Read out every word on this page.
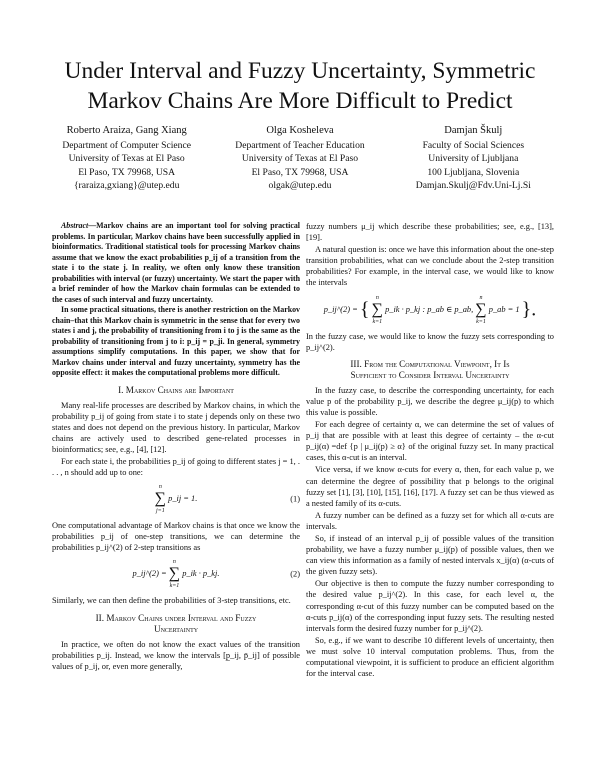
Under Interval and Fuzzy Uncertainty, Symmetric
Markov Chains Are More Difficult to Predict
Roberto Araiza, Gang Xiang
Department of Computer Science
University of Texas at El Paso
El Paso, TX 79968, USA
{raraiza,gxiang}@utep.edu
Olga Kosheleva
Department of Teacher Education
University of Texas at El Paso
El Paso, TX 79968, USA
olgak@utep.edu
Damjan Škulj
Faculty of Social Sciences
University of Ljubljana
100 Ljubljana, Slovenia
Damjan.Skulj@Fdv.Uni-Lj.Si

Abstract—Markov chains are an important tool for solving practical problems. In particular, Markov chains have been successfully applied in bioinformatics. Traditional statistical tools for processing Markov chains assume that we know the exact probabilities p_ij of a transition from the state i to the state j. In reality, we often only know these transition probabilities with interval (or fuzzy) uncertainty. We start the paper with a brief reminder of how the Markov chain formulas can be extended to the cases of such interval and fuzzy uncertainty.

In some practical situations, there is another restriction on the Markov chain–that this Markov chain is symmetric in the sense that for every two states i and j, the probability of transitioning from i to j is the same as the probability of transitioning from j to i: p_ij = p_ji. In general, symmetry assumptions simplify computations. In this paper, we show that for Markov chains under interval and fuzzy uncertainty, symmetry has the opposite effect: it makes the computational problems more difficult.

I. Markov Chains are Important

Many real-life processes are described by Markov chains, in which the probability p_ij of going from state i to state j depends only on these two states and does not depend on the previous history. In particular, Markov chains are actively used to described gene-related processes in bioinformatics; see, e.g., [4], [12].

For each state i, the probabilities p_ij of going to different states j = 1, . . . , n should add up to one:

n
∑
j=1
p_ij = 1.	(1)

One computational advantage of Markov chains is that once we know the probabilities p_ij of one-step transitions, we can determine the probabilities p_ij^(2) of 2-step transitions as

p_ij^(2) =
n
∑
k=1
p_ik · p_kj.	(2)

Similarly, we can then define the probabilities of 3-step transitions, etc.

II. Markov Chains under Interval and Fuzzy
Uncertainty

In practice, we often do not know the exact values of the transition probabilities p_ij. Instead, we know the intervals [p̲_ij, p̄_ij] of possible values of p_ij, or, even more generally,

fuzzy numbers μ_ij which describe these probabilities; see, e.g., [13], [19].

A natural question is: once we have this information about the one-step transition probabilities, what can we conclude about the 2-step transition probabilities? For example, in the interval case, we would like to know the intervals

p_ij^(2) = {
n
∑
k=1
p_ik · p_kj : p_ab ∈ p_ab,
n
∑
k=1
p_ab = 1 }.

In the fuzzy case, we would like to know the fuzzy sets corresponding to p_ij^(2).

III. From the Computational Viewpoint, It Is
Sufficient to Consider Interval Uncertainty

In the fuzzy case, to describe the corresponding uncertainty, for each value p of the probability p_ij, we describe the degree μ_ij(p) to which this value is possible.

For each degree of certainty α, we can determine the set of values of p_ij that are possible with at least this degree of certainty – the α-cut p_ij(α) =def {p | μ_ij(p) ≥ α} of the original fuzzy set. In many practical cases, this α-cut is an interval.

Vice versa, if we know α-cuts for every α, then, for each value p, we can determine the degree of possibility that p belongs to the original fuzzy set [1], [3], [10], [15], [16], [17]. A fuzzy set can be thus viewed as a nested family of its α-cuts.

A fuzzy number can be defined as a fuzzy set for which all α-cuts are intervals.

So, if instead of an interval p_ij of possible values of the transition probability, we have a fuzzy number μ_ij(p) of possible values, then we can view this information as a family of nested intervals x_ij(α) (α-cuts of the given fuzzy sets).

Our objective is then to compute the fuzzy number corresponding to the desired value p_ij^(2). In this case, for each level α, the corresponding α-cut of this fuzzy number can be computed based on the α-cuts p_ij(α) of the corresponding input fuzzy sets. The resulting nested intervals form the desired fuzzy number for p_ij^(2).

So, e.g., if we want to describe 10 different levels of uncertainty, then we must solve 10 interval computation problems. Thus, from the computational viewpoint, it is sufficient to produce an efficient algorithm for the interval case.
